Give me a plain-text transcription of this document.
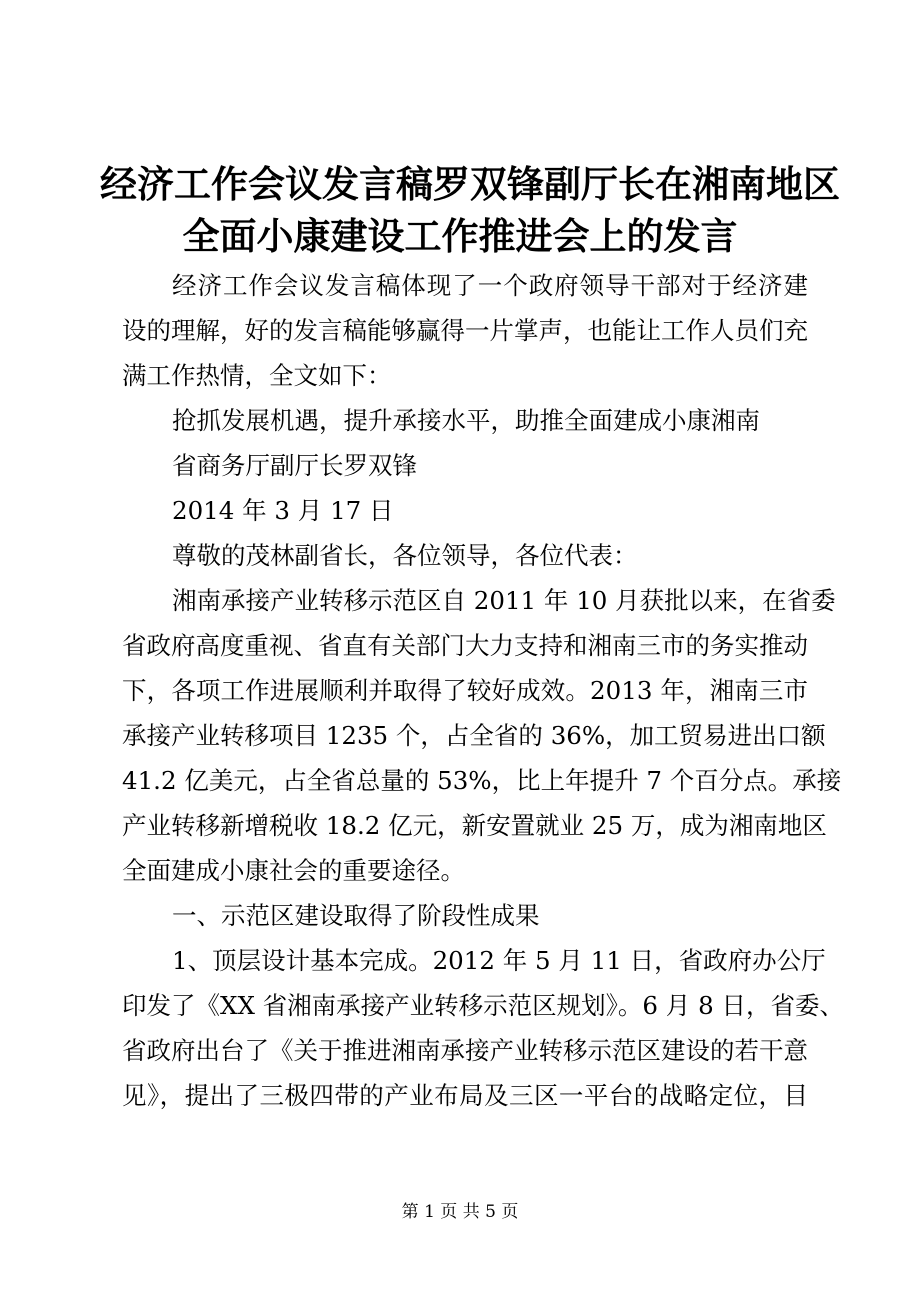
经济工作会议发言稿罗双锋副厅长在湘南地区
全面小康建设工作推进会上的发言
经济工作会议发言稿体现了一个政府领导干部对于经济建
设的理解，好的发言稿能够赢得一片掌声，也能让工作人员们充
满工作热情，全文如下：
抢抓发展机遇，提升承接水平，助推全面建成小康湘南
省商务厅副厅长罗双锋
2014 年 3 月 17 日
尊敬的茂林副省长，各位领导，各位代表：
湘南承接产业转移示范区自 2011 年 10 月获批以来，在省委
省政府高度重视、省直有关部门大力支持和湘南三市的务实推动
下，各项工作进展顺利并取得了较好成效。2013 年，湘南三市
承接产业转移项目 1235 个，占全省的 36%，加工贸易进出口额
41.2 亿美元，占全省总量的 53%，比上年提升 7 个百分点。承接
产业转移新增税收 18.2 亿元，新安置就业 25 万，成为湘南地区
全面建成小康社会的重要途径。
一、示范区建设取得了阶段性成果
1、顶层设计基本完成。2012 年 5 月 11 日，省政府办公厅
印发了《XX 省湘南承接产业转移示范区规划》。6 月 8 日，省委、
省政府出台了《关于推进湘南承接产业转移示范区建设的若干意
见》，提出了三极四带的产业布局及三区一平台的战略定位，目
第 1 页 共 5 页
